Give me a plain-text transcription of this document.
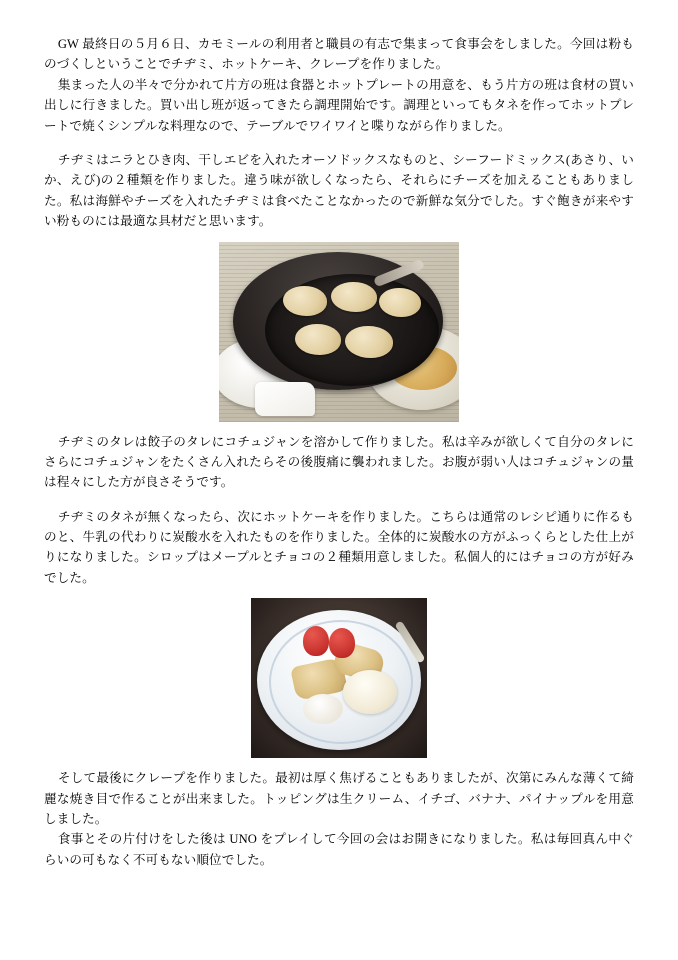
GW 最終日の５月６日、カモミールの利用者と職員の有志で集まって食事会をしました。今回は粉ものづくしということでチヂミ、ホットケーキ、クレープを作りました。

集まった人の半々で分かれて片方の班は食器とホットプレートの用意を、もう片方の班は食材の買い出しに行きました。買い出し班が返ってきたら調理開始です。調理といってもタネを作ってホットプレートで焼くシンプルな料理なので、テーブルでワイワイと喋りながら作りました。

チヂミはニラとひき肉、干しエビを入れたオーソドックスなものと、シーフードミックス(あさり、いか、えび)の２種類を作りました。違う味が欲しくなったら、それらにチーズを加えることもありました。私は海鮮やチーズを入れたチヂミは食べたことなかったので新鮮な気分でした。すぐ飽きが来やすい粉ものには最適な具材だと思います。

チヂミのタレは餃子のタレにコチュジャンを溶かして作りました。私は辛みが欲しくて自分のタレにさらにコチュジャンをたくさん入れたらその後腹痛に襲われました。お腹が弱い人はコチュジャンの量は程々にした方が良さそうです。

チヂミのタネが無くなったら、次にホットケーキを作りました。こちらは通常のレシピ通りに作るものと、牛乳の代わりに炭酸水を入れたものを作りました。全体的に炭酸水の方がふっくらとした仕上がりになりました。シロップはメープルとチョコの２種類用意しました。私個人的にはチョコの方が好みでした。

そして最後にクレープを作りました。最初は厚く焦げることもありましたが、次第にみんな薄くて綺麗な焼き目で作ることが出来ました。トッピングは生クリーム、イチゴ、バナナ、パイナップルを用意しました。

食事とその片付けをした後は UNO をプレイして今回の会はお開きになりました。私は毎回真ん中ぐらいの可もなく不可もない順位でした。
